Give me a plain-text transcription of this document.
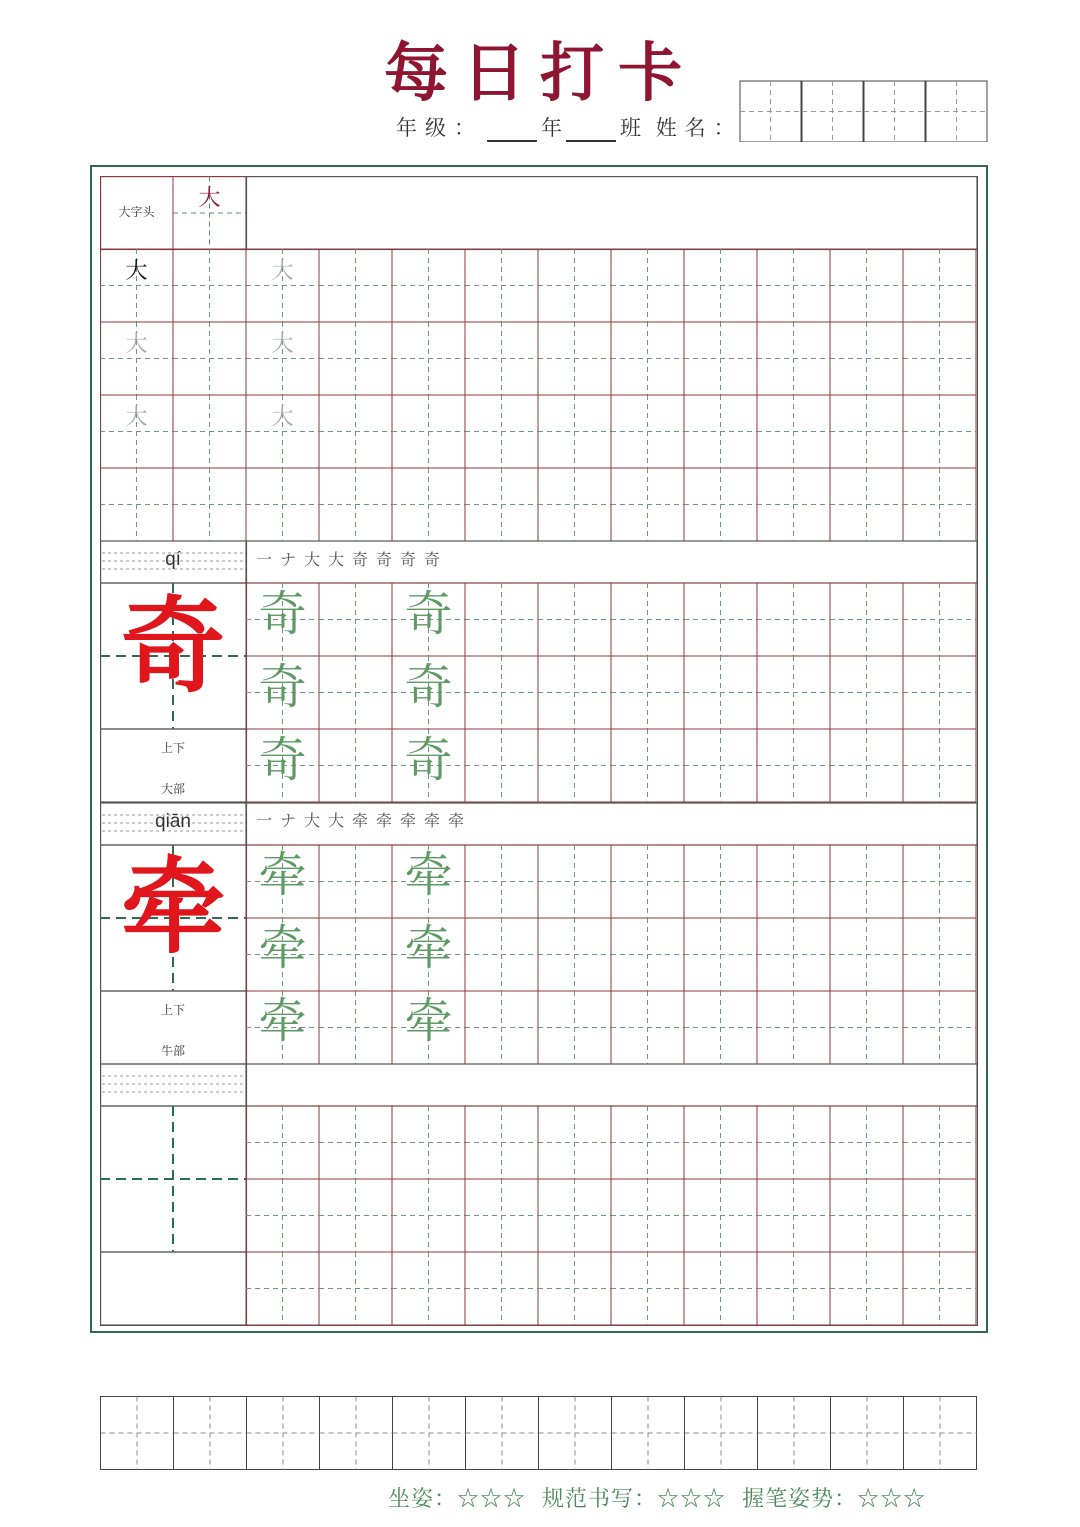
每日打卡
年级：	年	班 姓名：
大字头
大
大	大
大	大
大	大
qí	一ナ大大奇奇奇奇
奇
上下
大部
奇 奇
奇 奇
奇 奇
qiān	一ナ大大牵牵牵牵牵
牵
上下
牛部
牵 牵
牵 牵
牵 牵
坐姿：☆☆☆ 规范书写：☆☆☆ 握笔姿势：☆☆☆
